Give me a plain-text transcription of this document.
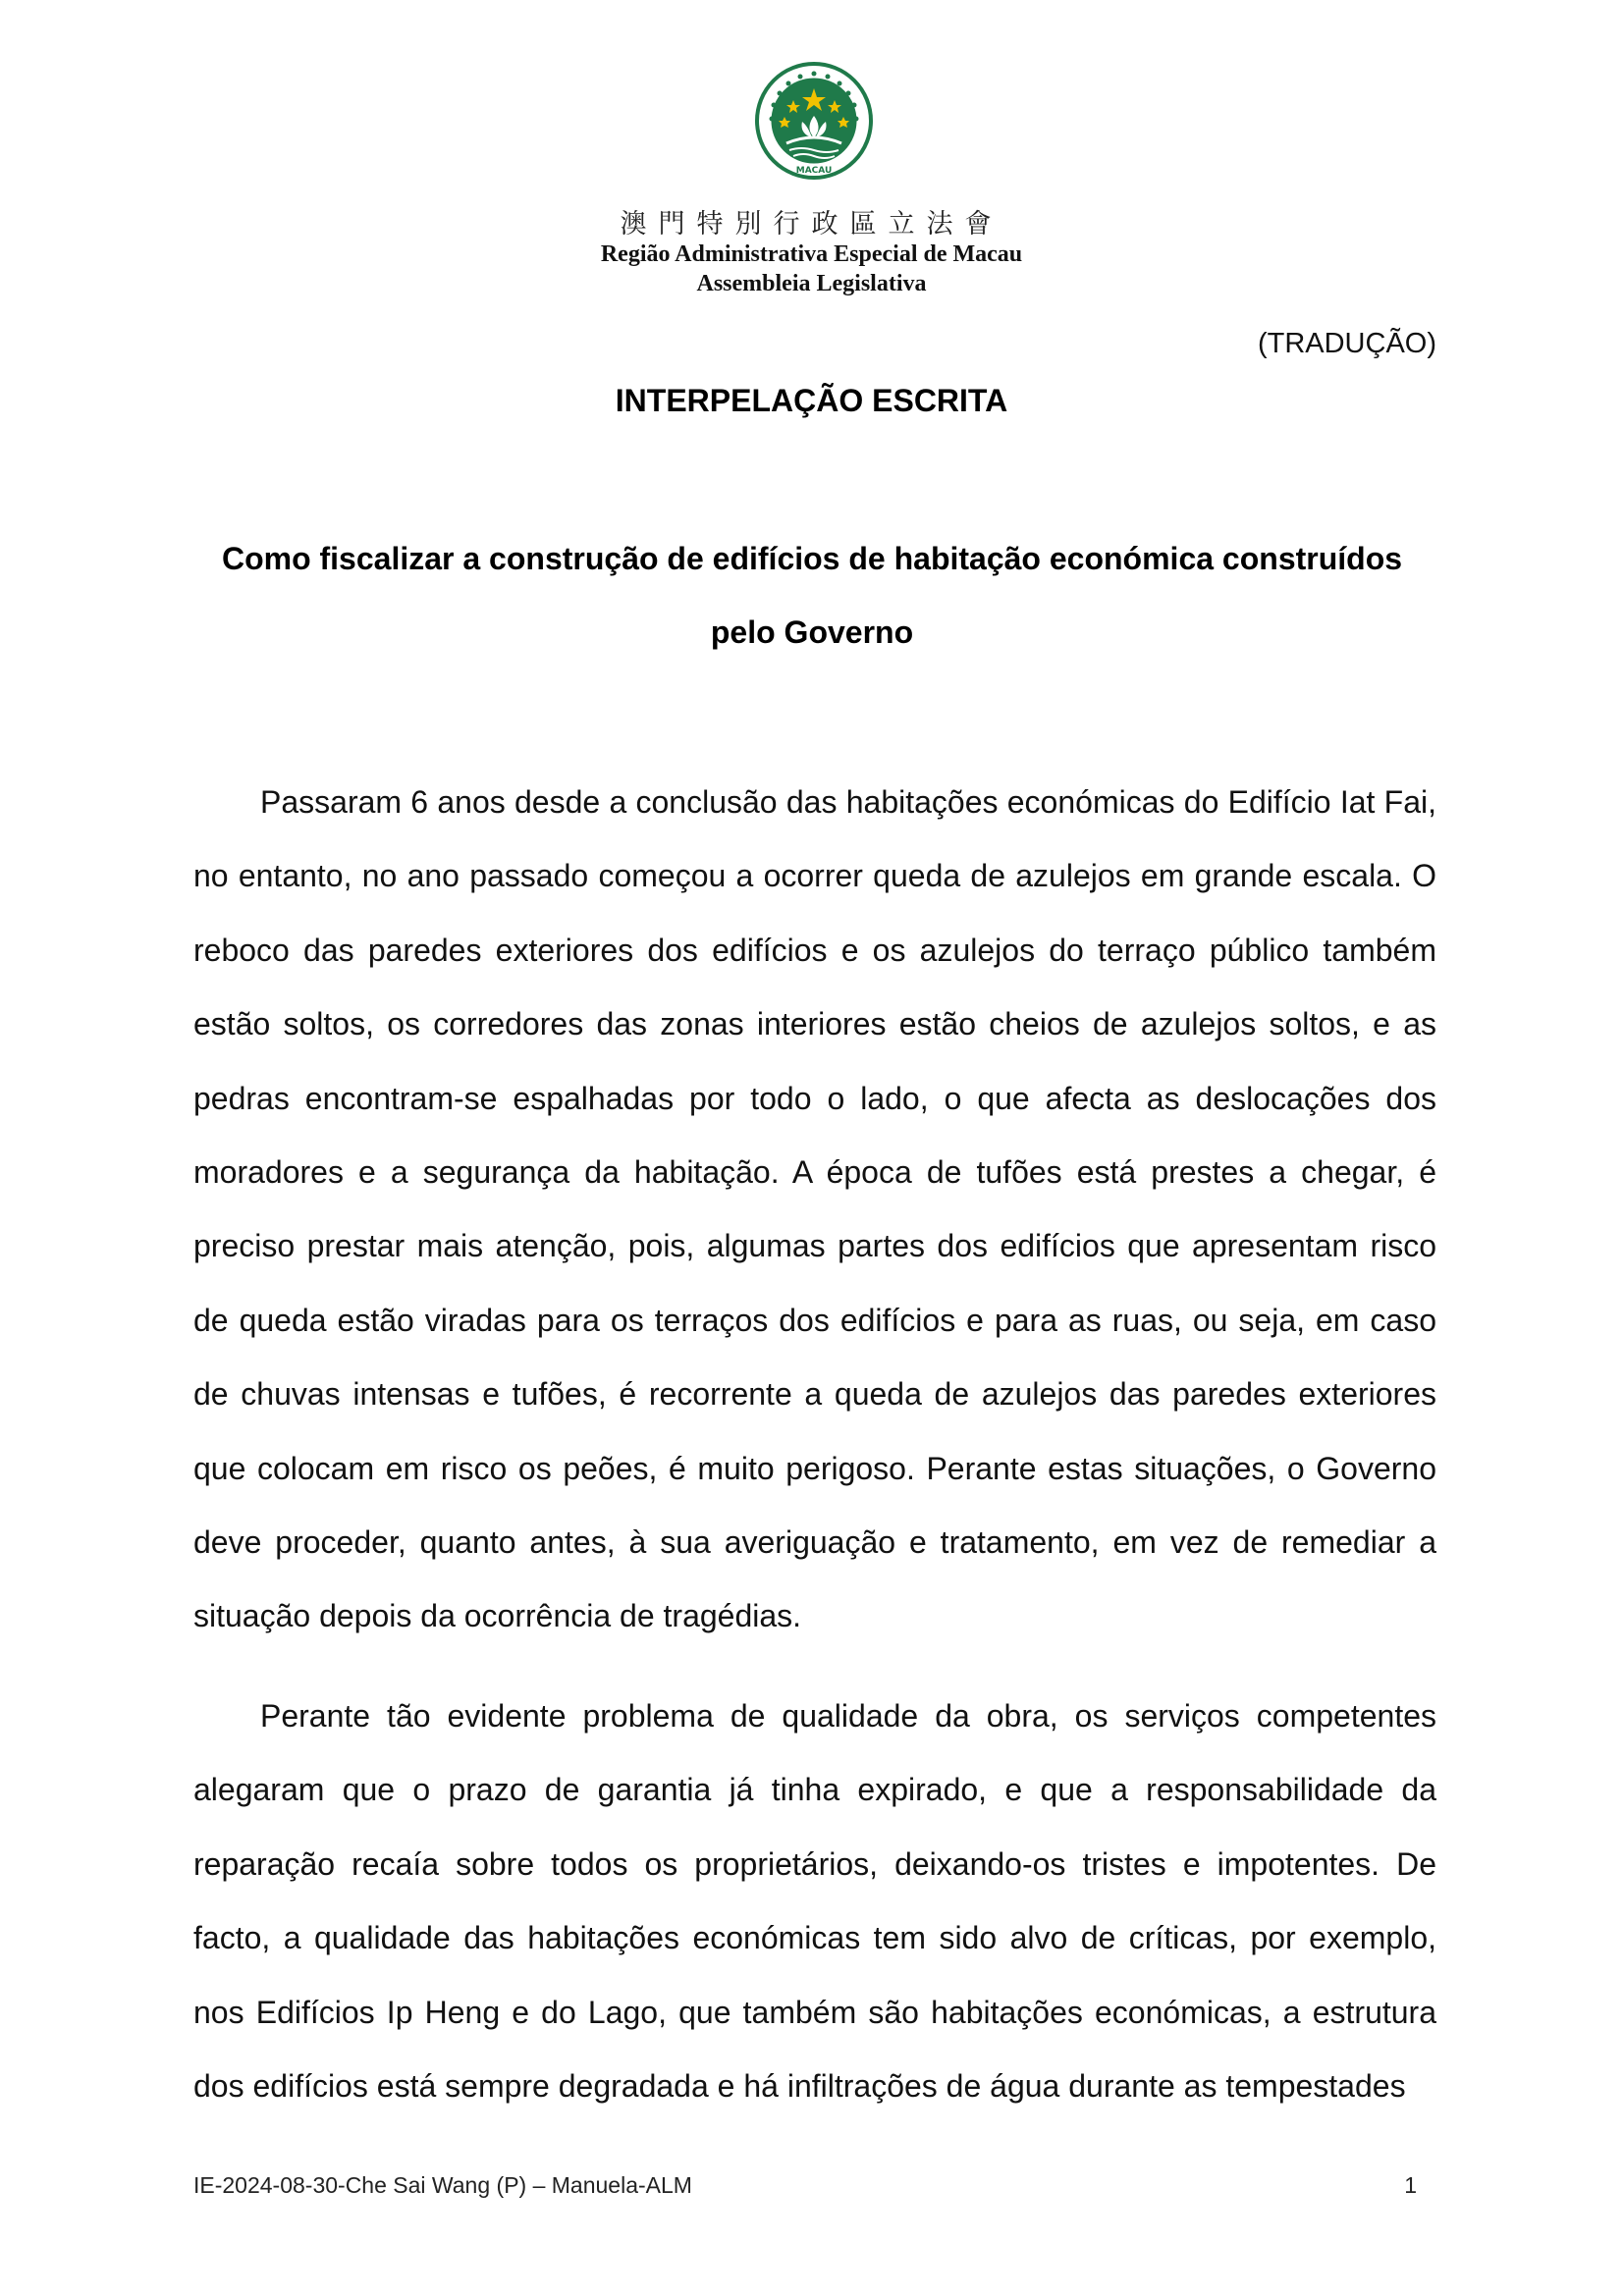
MACAU
澳門特別行政區立法會
Região Administrativa Especial de Macau
Assembleia Legislativa
(TRADUÇÃO)
INTERPELAÇÃO ESCRITA
Como fiscalizar a construção de edifícios de habitação económica construídos pelo Governo

Passaram 6 anos desde a conclusão das habitações económicas do Edifício Iat Fai, no entanto, no ano passado começou a ocorrer queda de azulejos em grande escala. O reboco das paredes exteriores dos edifícios e os azulejos do terraço público também estão soltos, os corredores das zonas interiores estão cheios de azulejos soltos, e as pedras encontram-se espalhadas por todo o lado, o que afecta as deslocações dos moradores e a segurança da habitação. A época de tufões está prestes a chegar, é preciso prestar mais atenção, pois, algumas partes dos edifícios que apresentam risco de queda estão viradas para os terraços dos edifícios e para as ruas, ou seja, em caso de chuvas intensas e tufões, é recorrente a queda de azulejos das paredes exteriores que colocam em risco os peões, é muito perigoso. Perante estas situações, o Governo deve proceder, quanto antes, à sua averiguação e tratamento, em vez de remediar a situação depois da ocorrência de tragédias.

Perante tão evidente problema de qualidade da obra, os serviços competentes alegaram que o prazo de garantia já tinha expirado, e que a responsabilidade da reparação recaía sobre todos os proprietários, deixando-os tristes e impotentes. De facto, a qualidade das habitações económicas tem sido alvo de críticas, por exemplo, nos Edifícios Ip Heng e do Lago, que também são habitações económicas, a estrutura dos edifícios está sempre degradada e há infiltrações de água durante as tempestades

IE-2024-08-30-Che Sai Wang (P) – Manuela-ALM	1
